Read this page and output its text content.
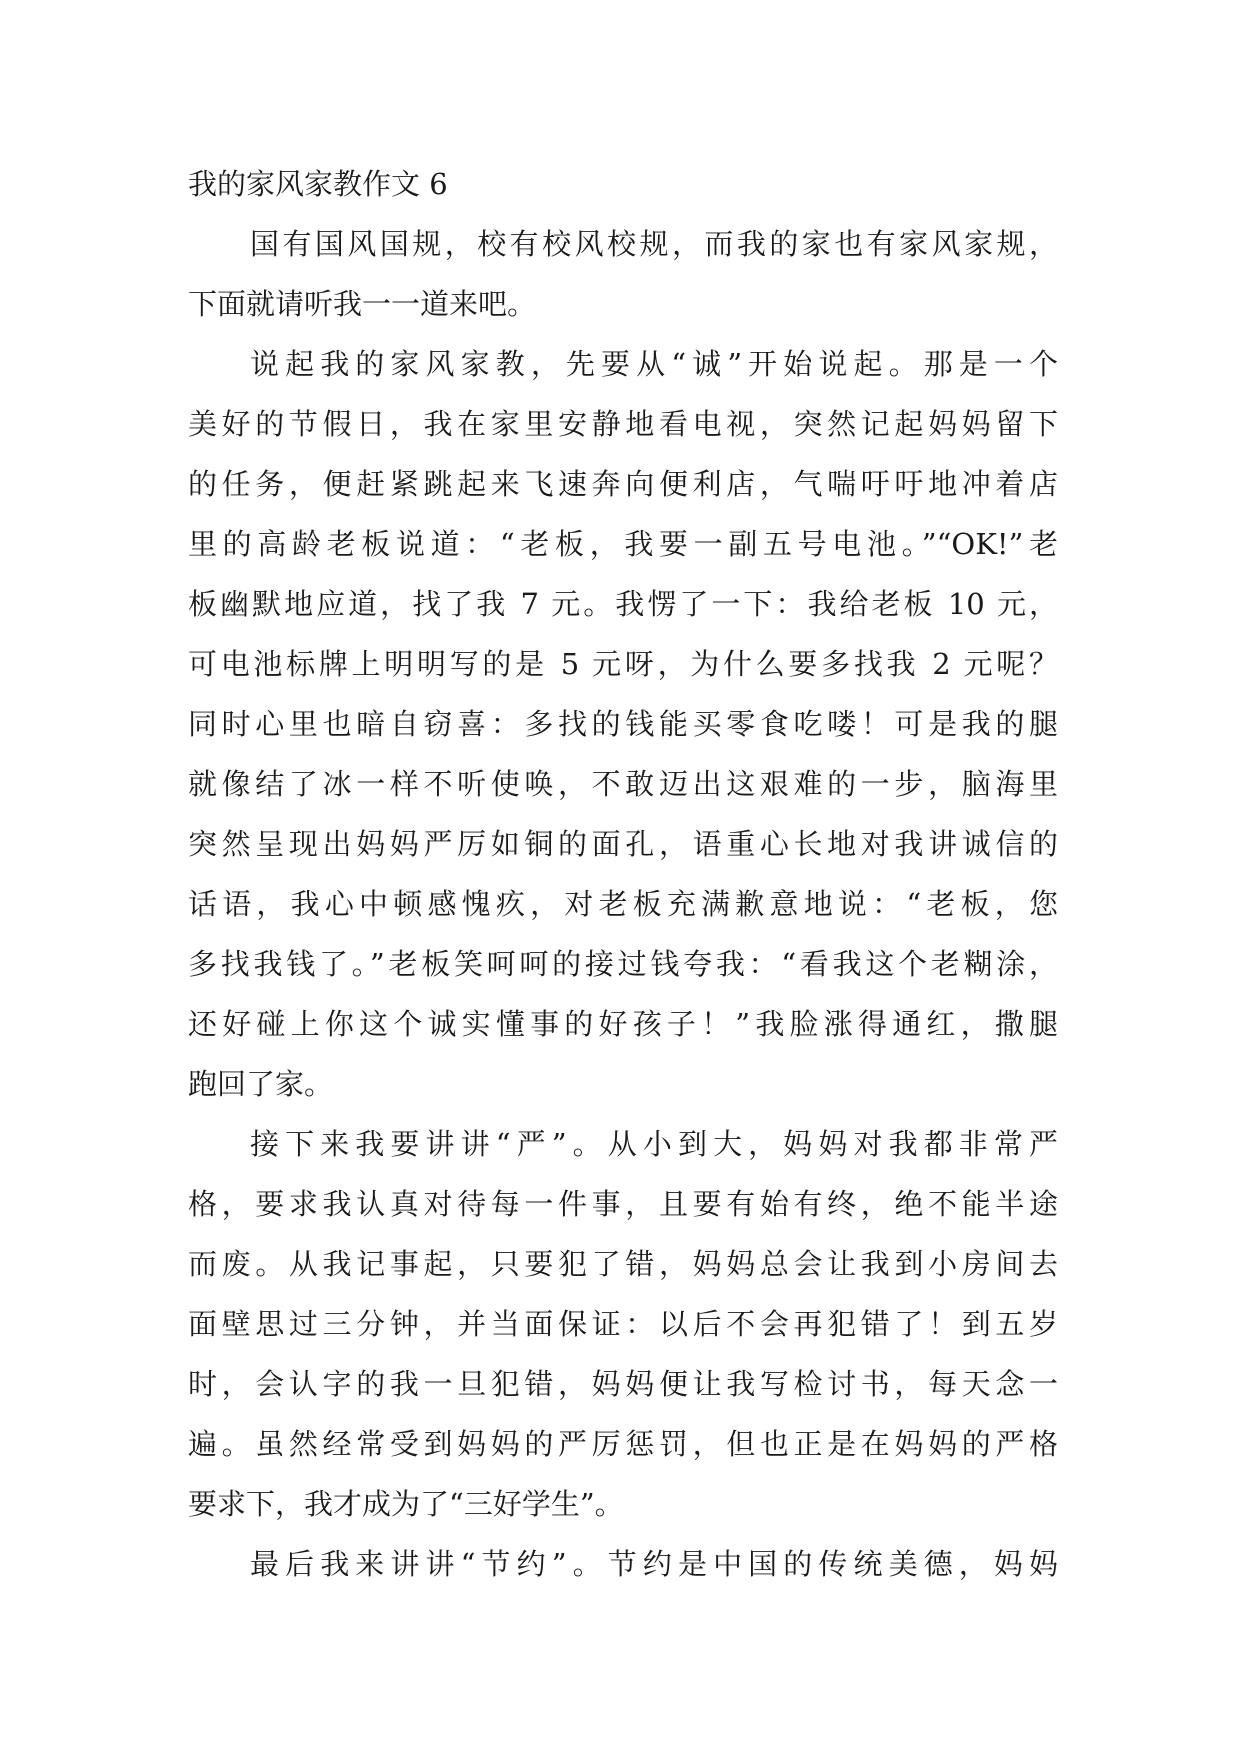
我的家风家教作文 6

国有国风国规，校有校风校规，而我的家也有家风家规，

下面就请听我一一道来吧。

说起我的家风家教，先要从“诚”开始说起。那是一个

美好的节假日，我在家里安静地看电视，突然记起妈妈留下

的任务，便赶紧跳起来飞速奔向便利店，气喘吁吁地冲着店

里的高龄老板说道：“老板，我要一副五号电池。”“OK!”老

板幽默地应道，找了我 7 元。我愣了一下：我给老板 10 元，

可电池标牌上明明写的是 5 元呀，为什么要多找我 2 元呢？

同时心里也暗自窃喜：多找的钱能买零食吃喽！可是我的腿

就像结了冰一样不听使唤，不敢迈出这艰难的一步，脑海里

突然呈现出妈妈严厉如铜的面孔，语重心长地对我讲诚信的

话语，我心中顿感愧疚，对老板充满歉意地说：“老板，您

多找我钱了。”老板笑呵呵的接过钱夸我：“看我这个老糊涂，

还好碰上你这个诚实懂事的好孩子！”我脸涨得通红，撒腿

跑回了家。

接下来我要讲讲“严”。从小到大，妈妈对我都非常严

格，要求我认真对待每一件事，且要有始有终，绝不能半途

而废。从我记事起，只要犯了错，妈妈总会让我到小房间去

面壁思过三分钟，并当面保证：以后不会再犯错了！到五岁

时，会认字的我一旦犯错，妈妈便让我写检讨书，每天念一

遍。虽然经常受到妈妈的严厉惩罚，但也正是在妈妈的严格

要求下，我才成为了“三好学生”。

最后我来讲讲“节约”。节约是中国的传统美德，妈妈
